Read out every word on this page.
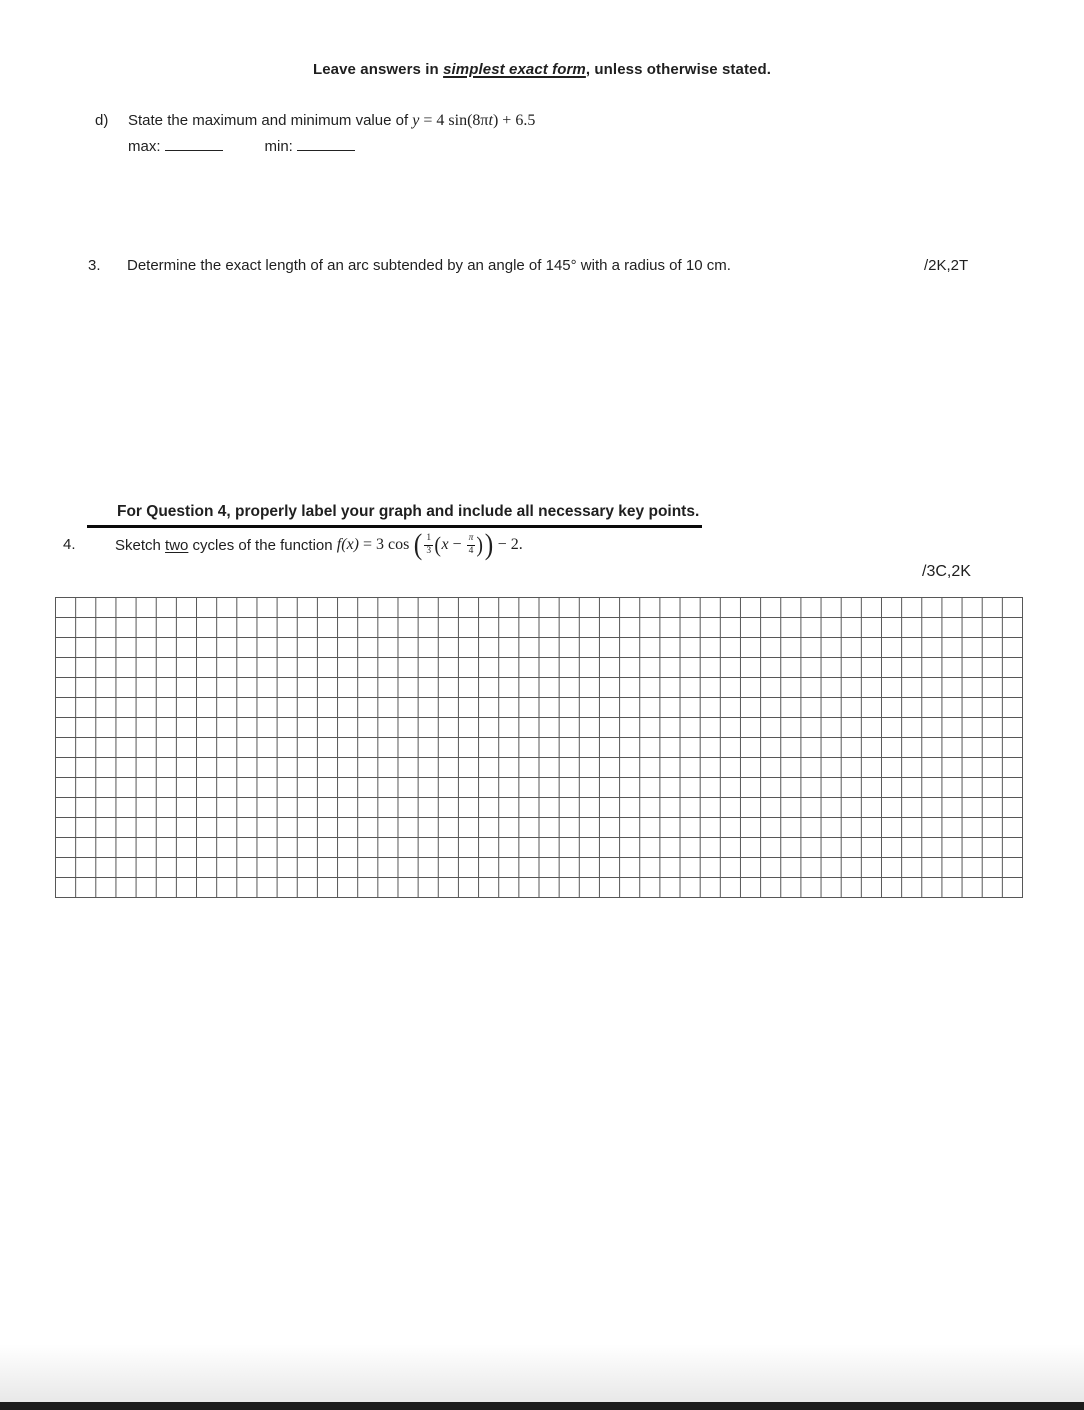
Leave answers in simplest exact form, unless otherwise stated.
d)	State the maximum and minimum value of y = 4 sin(8πt) + 6.5
max:	min:
3. Determine the exact length of an arc subtended by an angle of 145° with a radius of 10 cm.	/2K,2T
For Question 4, properly label your graph and include all necessary key points.
4.	Sketch two cycles of the function f(x) = 3 cos ( $\frac{1}{3}$ ( $x - \frac{\pi}{4}$ ) ) − 2.
/3C,2K
